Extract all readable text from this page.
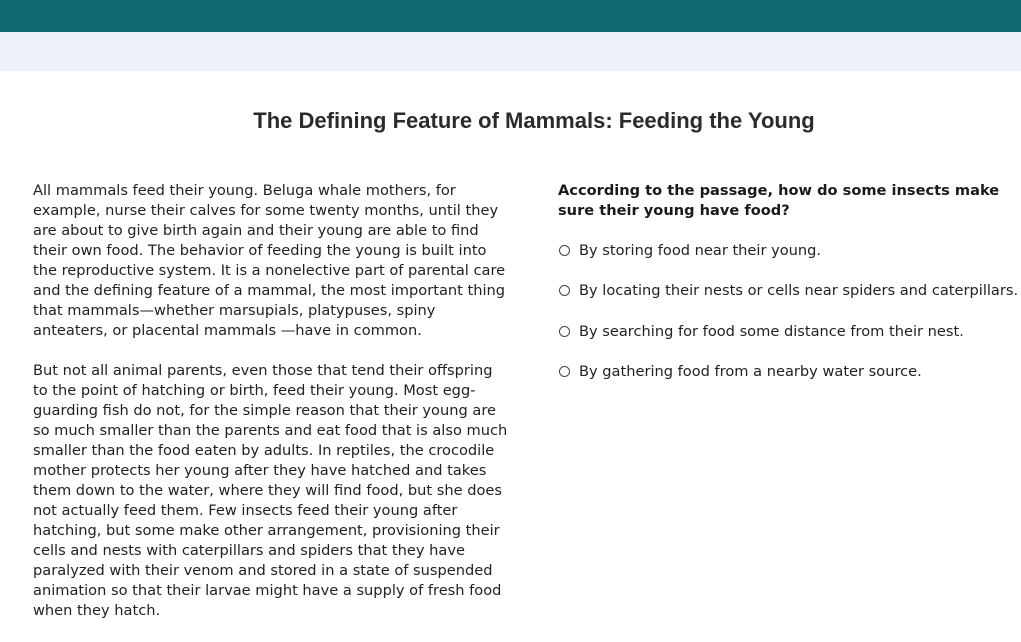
The Defining Feature of Mammals: Feeding the Young

All mammals feed their young. Beluga whale mothers, for example, nurse their calves for some twenty months, until they are about to give birth again and their young are able to find their own food. The behavior of feeding the young is built into the reproductive system. It is a nonelective part of parental care and the defining feature of a mammal, the most important thing that mammals—whether marsupials, platypuses, spiny anteaters, or placental mammals —have in common.

But not all animal parents, even those that tend their offspring to the point of hatching or birth, feed their young. Most egg-guarding fish do not, for the simple reason that their young are so much smaller than the parents and eat food that is also much smaller than the food eaten by adults. In reptiles, the crocodile mother protects her young after they have hatched and takes them down to the water, where they will find food, but she does not actually feed them. Few insects feed their young after hatching, but some make other arrangement, provisioning their cells and nests with caterpillars and spiders that they have paralyzed with their venom and stored in a state of suspended animation so that their larvae might have a supply of fresh food when they hatch.

According to the passage, how do some insects make sure their young have food?
By storing food near their young.
By locating their nests or cells near spiders and caterpillars.
By searching for food some distance from their nest.
By gathering food from a nearby water source.
